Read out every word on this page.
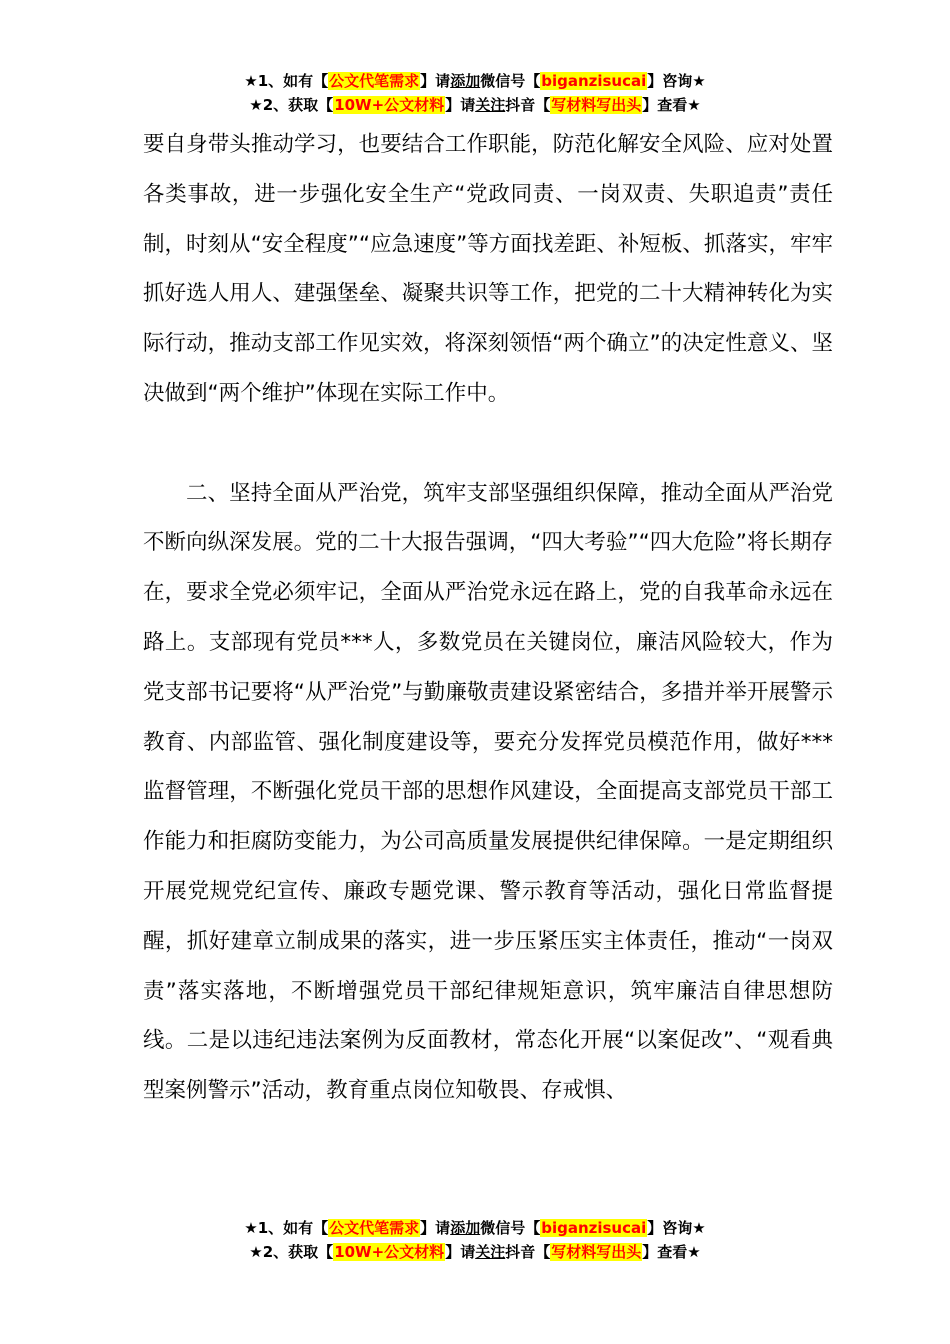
★1、如有【公文代笔需求】请添加微信号【biganzisucai】咨询★
★2、获取【10W+公文材料】请关注抖音【写材料写出头】查看★

要自身带头推动学习，也要结合工作职能，防范化解安全风险、应对处置各类事故，进一步强化安全生产“党政同责、一岗双责、失职追责”责任制，时刻从“安全程度”“应急速度”等方面找差距、补短板、抓落实，牢牢抓好选人用人、建强堡垒、凝聚共识等工作，把党的二十大精神转化为实际行动，推动支部工作见实效，将深刻领悟“两个确立”的决定性意义、坚决做到“两个维护”体现在实际工作中。

二、坚持全面从严治党，筑牢支部坚强组织保障，推动全面从严治党不断向纵深发展。党的二十大报告强调，“四大考验”“四大危险”将长期存在，要求全党必须牢记，全面从严治党永远在路上，党的自我革命永远在路上。支部现有党员***人，多数党员在关键岗位，廉洁风险较大，作为党支部书记要将“从严治党”与勤廉敬责建设紧密结合，多措并举开展警示教育、内部监管、强化制度建设等，要充分发挥党员模范作用，做好***监督管理，不断强化党员干部的思想作风建设，全面提高支部党员干部工作能力和拒腐防变能力，为公司高质量发展提供纪律保障。一是定期组织开展党规党纪宣传、廉政专题党课、警示教育等活动，强化日常监督提醒，抓好建章立制成果的落实，进一步压紧压实主体责任，推动“一岗双责”落实落地，不断增强党员干部纪律规矩意识，筑牢廉洁自律思想防线。二是以违纪违法案例为反面教材，常态化开展“以案促改”、“观看典型案例警示”活动，教育重点岗位知敬畏、存戒惧、

★1、如有【公文代笔需求】请添加微信号【biganzisucai】咨询★
★2、获取【10W+公文材料】请关注抖音【写材料写出头】查看★
